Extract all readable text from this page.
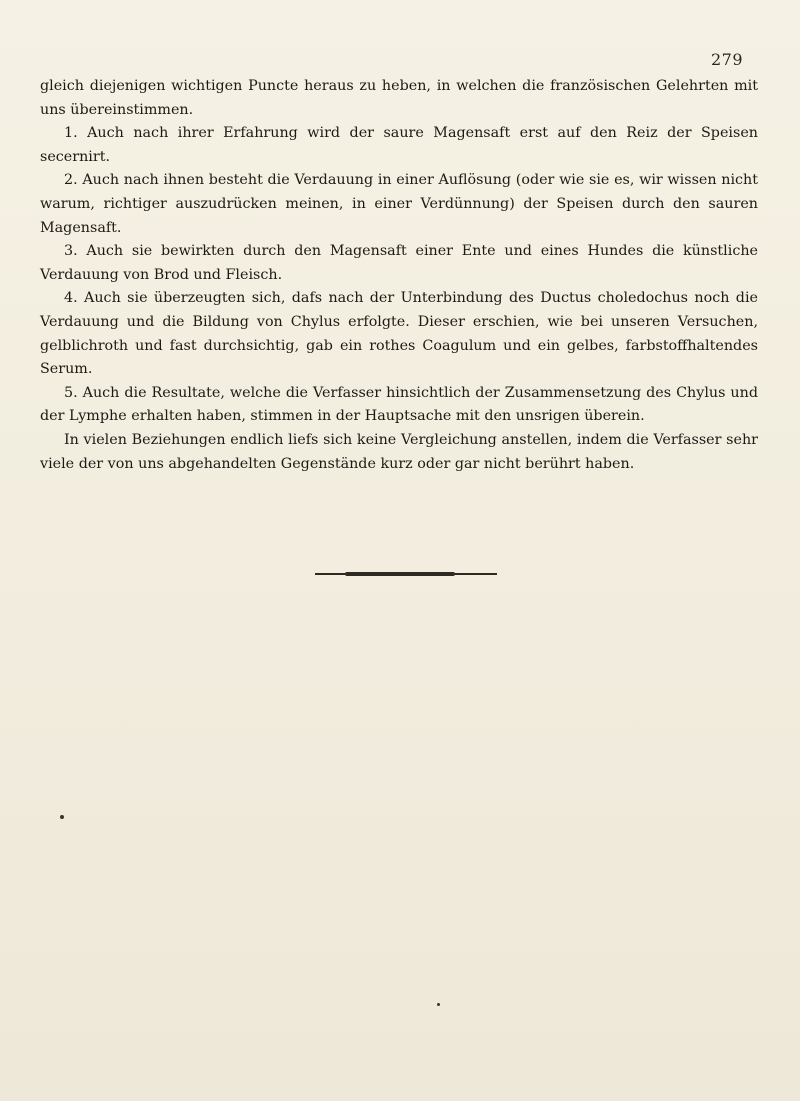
279

gleich diejenigen wichtigen Puncte heraus zu heben, in welchen die französischen Gelehrten mit uns übereinstimmen.

1. Auch nach ihrer Erfahrung wird der saure Magensaft erst auf den Reiz der Speisen secernirt.

2. Auch nach ihnen besteht die Verdauung in einer Auflösung (oder wie sie es, wir wissen nicht warum, richtiger auszudrücken meinen, in einer Verdünnung) der Speisen durch den sauren Magensaft.

3. Auch sie bewirkten durch den Magensaft einer Ente und eines Hundes die künstliche Verdauung von Brod und Fleisch.

4. Auch sie überzeugten sich, dafs nach der Unterbindung des Ductus choledochus noch die Verdauung und die Bildung von Chylus erfolgte. Dieser erschien, wie bei unseren Versuchen, gelblichroth und fast durchsichtig, gab ein rothes Coagulum und ein gelbes, farbstoffhaltendes Serum.

5. Auch die Resultate, welche die Verfasser hinsichtlich der Zusammensetzung des Chylus und der Lymphe erhalten haben, stimmen in der Hauptsache mit den unsrigen überein.

In vielen Beziehungen endlich liefs sich keine Vergleichung anstellen, indem die Verfasser sehr viele der von uns abgehandelten Gegenstände kurz oder gar nicht berührt haben.
